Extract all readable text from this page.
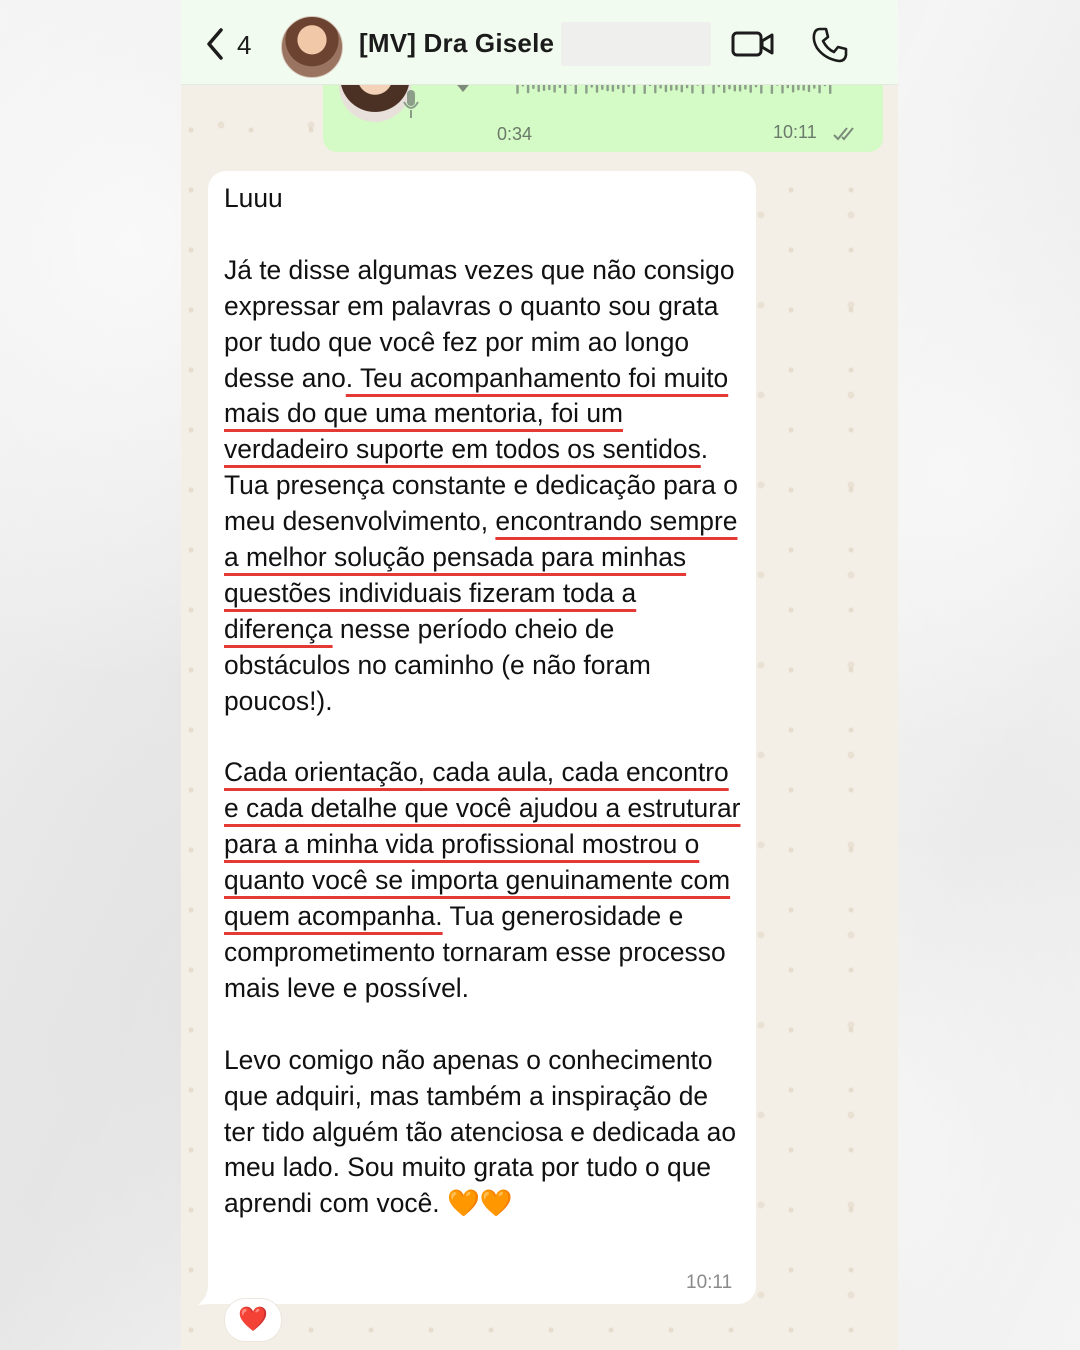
0:34	10:11
4	[MV] Dra Gisele

Luuu

Já te disse algumas vezes que não consigo expressar em palavras o quanto sou grata por tudo que você fez por mim ao longo desse ano. Teu acompanhamento foi muito mais do que uma mentoria, foi um verdadeiro suporte em todos os sentidos. Tua presença constante e dedicação para o meu desenvolvimento, encontrando sempre a melhor solução pensada para minhas questões individuais fizeram toda a diferença nesse período cheio de obstáculos no caminho (e não foram poucos!).

Cada orientação, cada aula, cada encontro e cada detalhe que você ajudou a estruturar para a minha vida profissional mostrou o quanto você se importa genuinamente com quem acompanha. Tua generosidade e comprometimento tornaram esse processo mais leve e possível.

Levo comigo não apenas o conhecimento que adquiri, mas também a inspiração de ter tido alguém tão atenciosa e dedicada ao meu lado. Sou muito grata por tudo o que aprendi com você. 🧡🧡

10:11
❤️
